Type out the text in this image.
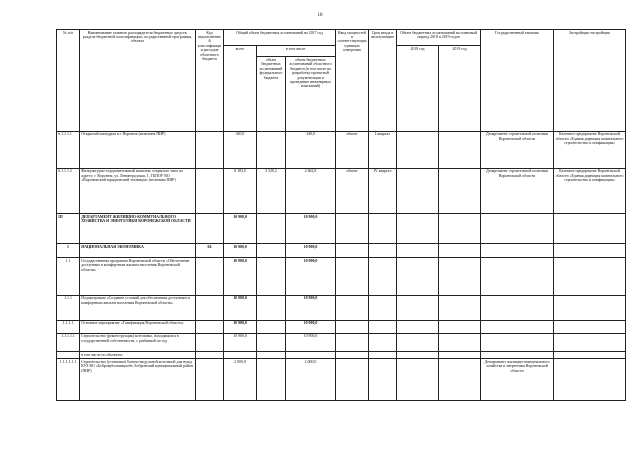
18
№ п/п	Наименование главного распорядителя бюджетных средств, раздела бюджетной классификации, государственной программы, объекта	Код ведомственной классификации расходов областного бюджета	Общий объем бюджетных ассигнований на 2017 год			Ввод мощностей в соответствующих единицах измерения	Срок ввода в эксплуатацию	Объем бюджетных ассигнований на плановый период 2018 и 2019 годов		Государственный заказчик	Застройщик-застройщик
			всего	в том числе:				2018 год	2019 год		
				объем бюджетных ассигнований федерального бюджета	объем бюджетных ассигнований областного бюджета (в том числе на разработку проектной документации и проведение инженерных изысканий)						
6.1.1.1.1	Открытый ипподром в г. Воронеж (величина ПИР)		340,0		340,0	объект	I квартал			Департамент строительной политики Воронежской области	Казенное предприятие Воронежской области «Единая дирекция капитального строительства и газификации»
6.1.1.1.2	Физкультурно-оздоровительный комплекс открытого типа по адресу: г. Воронеж, ул. Ленинградская, 1, ГБПОУ ВО «Воронежский юридический техникум» (величина ПИР)		6 183,0	3 520,2	2 662,8	объект	IV квартал			Департамент строительной политики Воронежской области	Казенное предприятие Воронежской области «Единая дирекция капитального строительства и газификации»
III	ДЕПАРТАМЕНТ ЖИЛИЩНО-КОММУНАЛЬНОГО ХОЗЯЙСТВА И ЭНЕРГЕТИКИ ВОРОНЕЖСКОЙ ОБЛАСТИ		10 900,0		10 900,0						
1	НАЦИОНАЛЬНАЯ ЭКОНОМИКА	04	10 900,0		10 900,0						
1.1	Государственная программа Воронежской области «Обеспечение доступным и комфортным жильем населения Воронежской области»		10 900,0		10 900,0						
1.1.1	Подпрограмма «Создание условий для обеспечения доступным и комфортным жильем населения Воронежской области»		10 900,0		10 900,0						
1.1.1.1	Основное мероприятие «Газификация Воронежской области»		10 900,0		10 900,0						
1.1.1.1.1	Строительство (реконструкция) котельных, находящихся в государственной собственности, с разбивкой по год		10 900,0		10 900,0						
	в том числе по объектам:										
1.1.1.1.1.1	Строительство (установка) блочно-модульной котельной для нужд КУЗ ВО «Бобровубольницаобе, Бобровский муниципальный район (ПИР)		2 000,0		2 000,0					Департамент жилищно-коммунального хозяйства и энергетики Воронежской области	
